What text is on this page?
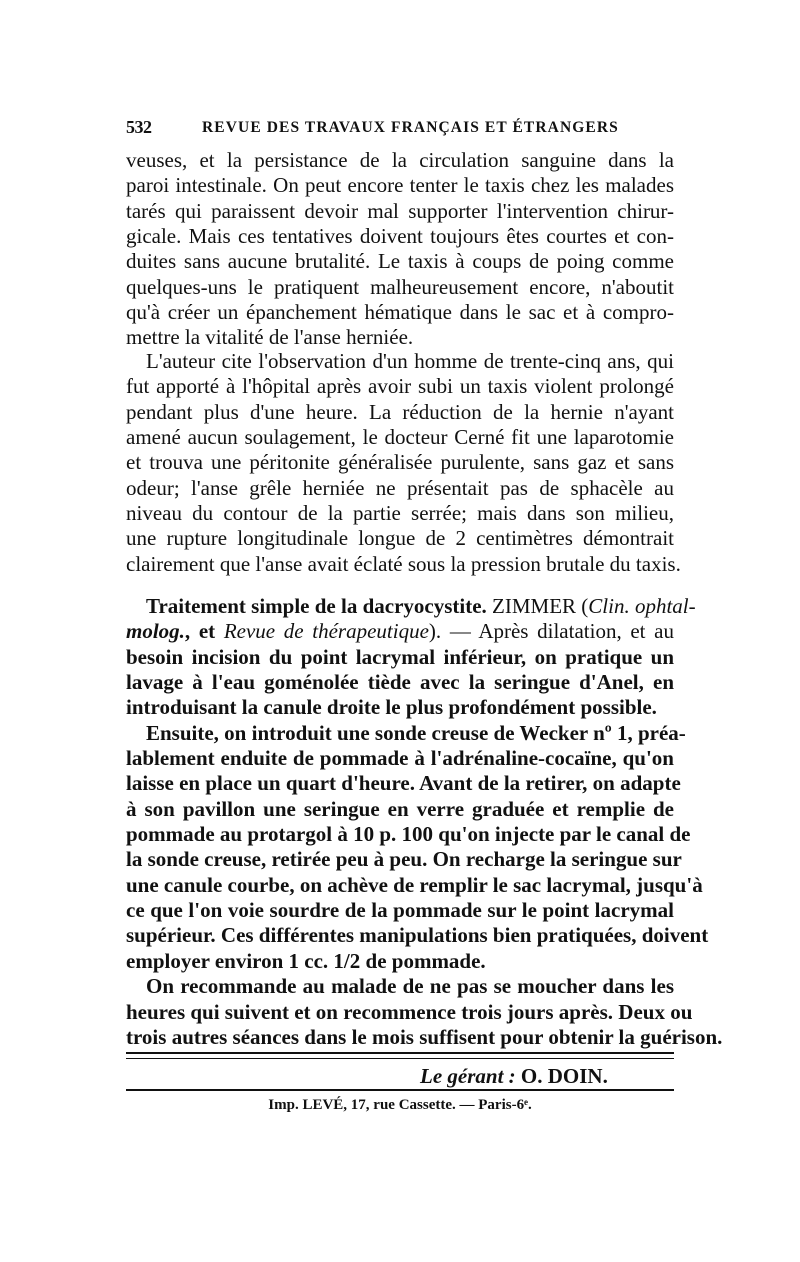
532	REVUE DES TRAVAUX FRANÇAIS ET ÉTRANGERS
veuses, et la persistance de la circulation sanguine dans la
paroi intestinale. On peut encore tenter le taxis chez les malades
tarés qui paraissent devoir mal supporter l'intervention chirur-
gicale. Mais ces tentatives doivent toujours êtes courtes et con-
duites sans aucune brutalité. Le taxis à coups de poing comme
quelques-uns le pratiquent malheureusement encore, n'aboutit
qu'à créer un épanchement hématique dans le sac et à compro-
mettre la vitalité de l'anse herniée.
L'auteur cite l'observation d'un homme de trente-cinq ans, qui
fut apporté à l'hôpital après avoir subi un taxis violent prolongé
pendant plus d'une heure. La réduction de la hernie n'ayant
amené aucun soulagement, le docteur Cerné fit une laparotomie
et trouva une péritonite généralisée purulente, sans gaz et sans
odeur; l'anse grêle herniée ne présentait pas de sphacèle au
niveau du contour de la partie serrée; mais dans son milieu,
une rupture longitudinale longue de 2 centimètres démontrait
clairement que l'anse avait éclaté sous la pression brutale du taxis.
Traitement simple de la dacryocystite. ZIMMER (Clin. ophtal-
molog., et Revue de thérapeutique). — Après dilatation, et au
besoin incision du point lacrymal inférieur, on pratique un
lavage à l'eau goménolée tiède avec la seringue d'Anel, en
introduisant la canule droite le plus profondément possible.
Ensuite, on introduit une sonde creuse de Wecker nº 1, préa-
lablement enduite de pommade à l'adrénaline-cocaïne, qu'on
laisse en place un quart d'heure. Avant de la retirer, on adapte
à son pavillon une seringue en verre graduée et remplie de
pommade au protargol à 10 p. 100 qu'on injecte par le canal de
la sonde creuse, retirée peu à peu. On recharge la seringue sur
une canule courbe, on achève de remplir le sac lacrymal, jusqu'à
ce que l'on voie sourdre de la pommade sur le point lacrymal
supérieur. Ces différentes manipulations bien pratiquées, doivent
employer environ 1 cc. 1/2 de pommade.
On recommande au malade de ne pas se moucher dans les
heures qui suivent et on recommence trois jours après. Deux ou
trois autres séances dans le mois suffisent pour obtenir la guérison.
Le gérant : O. DOIN.
Imp. LEVÉ, 17, rue Cassette. — Paris-6ᵉ.
